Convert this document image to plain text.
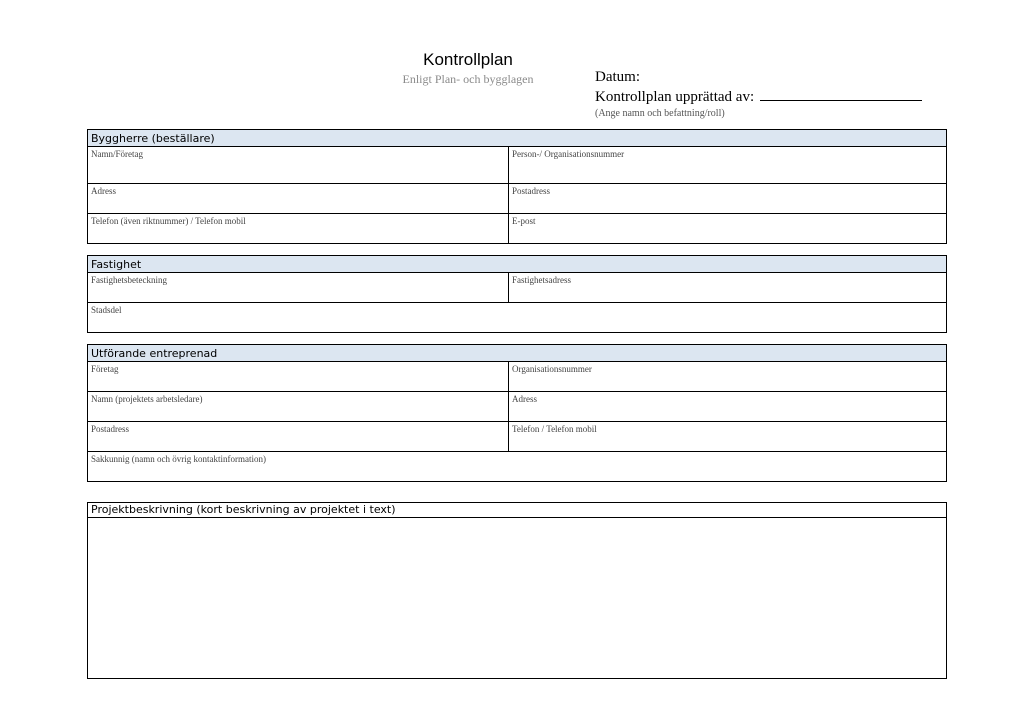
Kontrollplan
Enligt Plan- och bygglagen	Datum:
Kontrollplan upprättad av:
(Ange namn och befattning/roll)
Byggherre (beställare)
Namn/Företag	Person-/ Organisationsnummer
Adress	Postadress
Telefon (även riktnummer) / Telefon mobil	E-post
Fastighet
Fastighetsbeteckning	Fastighetsadress
Stadsdel
Utförande entreprenad
Företag	Organisationsnummer
Namn (projektets arbetsledare)	Adress
Postadress	Telefon / Telefon mobil
Sakkunnig (namn och övrig kontaktinformation)
Projektbeskrivning (kort beskrivning av projektet i text)
